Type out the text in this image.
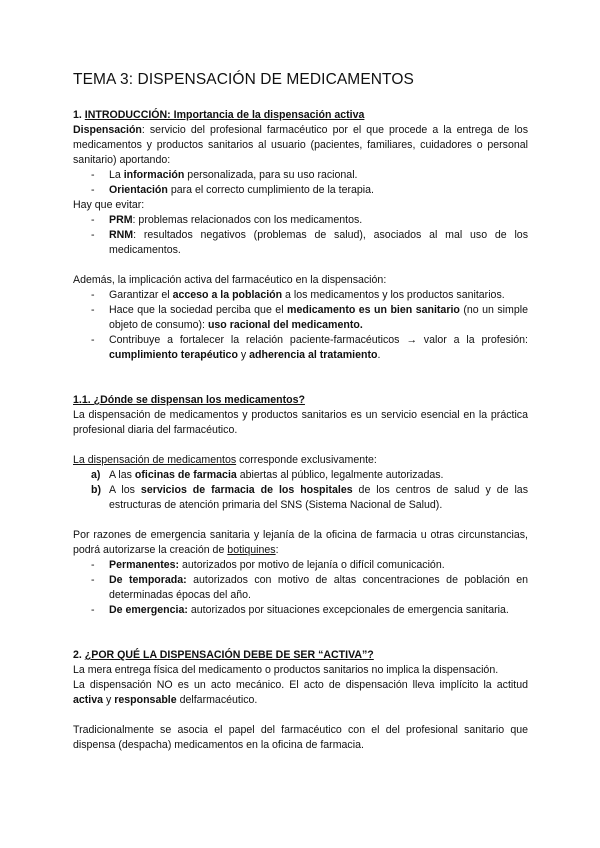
TEMA 3: DISPENSACIÓN DE MEDICAMENTOS

1. INTRODUCCIÓN: Importancia de la dispensación activa

Dispensación: servicio del profesional farmacéutico por el que procede a la entrega de los medicamentos y productos sanitarios al usuario (pacientes, familiares, cuidadores o personal sanitario) aportando:

- La información personalizada, para su uso racional.
- Orientación para el correcto cumplimiento de la terapia.

Hay que evitar:

- PRM: problemas relacionados con los medicamentos.
- RNM: resultados negativos (problemas de salud), asociados al mal uso de los medicamentos.

Además, la implicación activa del farmacéutico en la dispensación:

- Garantizar el acceso a la población a los medicamentos y los productos sanitarios.
- Hace que la sociedad perciba que el medicamento es un bien sanitario (no un simple objeto de consumo): uso racional del medicamento.
- Contribuye a fortalecer la relación paciente-farmacéuticos → valor a la profesión: cumplimiento terapéutico y adherencia al tratamiento.

1.1. ¿Dónde se dispensan los medicamentos?

La dispensación de medicamentos y productos sanitarios es un servicio esencial en la práctica profesional diaria del farmacéutico.

La dispensación de medicamentos corresponde exclusivamente:

a) A las oficinas de farmacia abiertas al público, legalmente autorizadas.
b) A los servicios de farmacia de los hospitales de los centros de salud y de las estructuras de atención primaria del SNS (Sistema Nacional de Salud).

Por razones de emergencia sanitaria y lejanía de la oficina de farmacia u otras circunstancias, podrá autorizarse la creación de botiquines:

- Permanentes: autorizados por motivo de lejanía o difícil comunicación.
- De temporada: autorizados con motivo de altas concentraciones de población en determinadas épocas del año.
- De emergencia: autorizados por situaciones excepcionales de emergencia sanitaria.

2. ¿POR QUÉ LA DISPENSACIÓN DEBE DE SER “ACTIVA”?

La mera entrega física del medicamento o productos sanitarios no implica la dispensación.

La dispensación NO es un acto mecánico. El acto de dispensación lleva implícito la actitud activa y responsable delfarmacéutico.

Tradicionalmente se asocia el papel del farmacéutico con el del profesional sanitario que dispensa (despacha) medicamentos en la oficina de farmacia.
